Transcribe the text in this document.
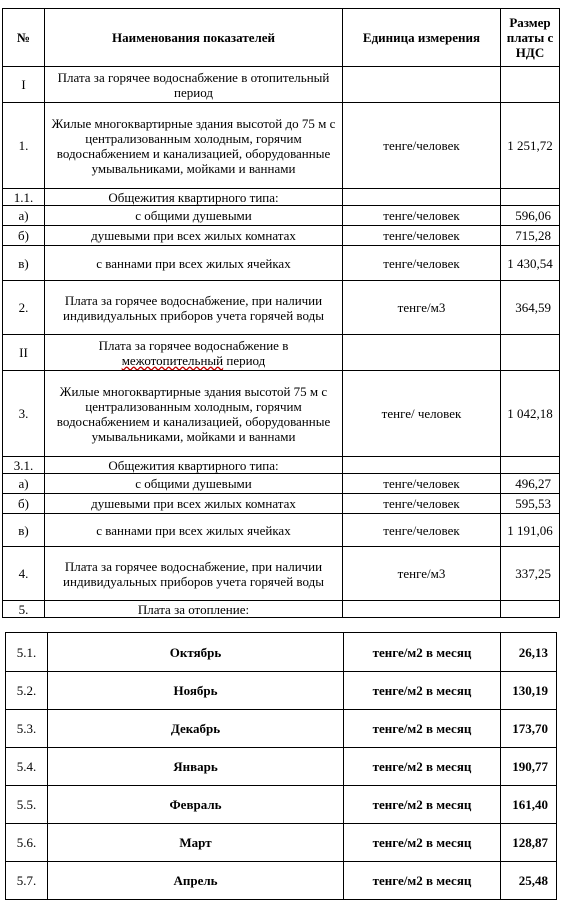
№	Наименования показателей	Единица измерения	Размер платы с НДС
I	Плата за горячее водоснабжение в отопительный период		
1.	Жилые многоквартирные здания высотой до 75 м с централизованным холодным, горячим водоснабжением и канализацией, оборудованные умывальниками, мойками и ваннами	тенге/человек	1 251,72
1.1.	Общежития квартирного типа:		
а)	с общими душевыми	тенге/человек	596,06
б)	душевыми при всех жилых комнатах	тенге/человек	715,28
в)	с ваннами при всех жилых ячейках	тенге/человек	1 430,54
2.	Плата за горячее водоснабжение, при наличии индивидуальных приборов учета горячей воды	тенге/м3	364,59
II	Плата за горячее водоснабжение в межотопительный период		
3.	Жилые многоквартирные здания высотой 75 м с централизованным холодным, горячим водоснабжением и канализацией, оборудованные умывальниками, мойками и ваннами	тенге/ человек	1 042,18
3.1.	Общежития квартирного типа:		
а)	с общими душевыми	тенге/человек	496,27
б)	душевыми при всех жилых комнатах	тенге/человек	595,53
в)	с ваннами при всех жилых ячейках	тенге/человек	1 191,06
4.	Плата за горячее водоснабжение, при наличии индивидуальных приборов учета горячей воды	тенге/м3	337,25
5.	Плата за отопление:		
5.1.	Октябрь	тенге/м2 в месяц	26,13
5.2.	Ноябрь	тенге/м2 в месяц	130,19
5.3.	Декабрь	тенге/м2 в месяц	173,70
5.4.	Январь	тенге/м2 в месяц	190,77
5.5.	Февраль	тенге/м2 в месяц	161,40
5.6.	Март	тенге/м2 в месяц	128,87
5.7.	Апрель	тенге/м2 в месяц	25,48
